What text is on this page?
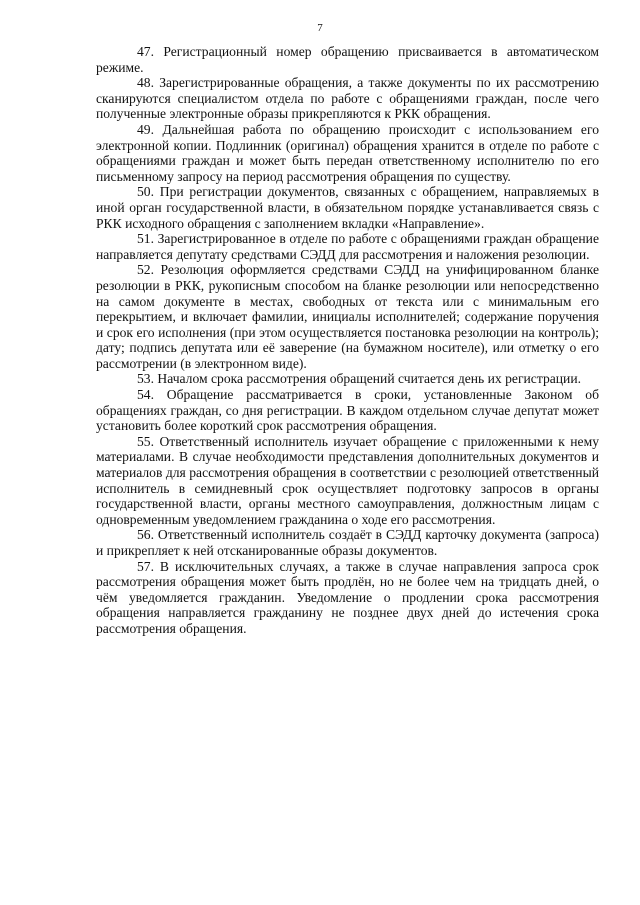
7

47. Регистрационный номер обращению присваивается в автоматическом режиме.

48. Зарегистрированные обращения, а также документы по их рассмотрению сканируются специалистом отдела по работе с обращениями граждан, после чего полученные электронные образы прикрепляются к РКК обращения.

49. Дальнейшая работа по обращению происходит с использованием его электронной копии. Подлинник (оригинал) обращения хранится в отделе по работе с обращениями граждан и может быть передан ответственному исполнителю по его письменному запросу на период рассмотрения обращения по существу.

50. При регистрации документов, связанных с обращением, направляемых в иной орган государственной власти, в обязательном порядке устанавливается связь с РКК исходного обращения с заполнением вкладки «Направление».

51. Зарегистрированное в отделе по работе с обращениями граждан обращение направляется депутату средствами СЭДД для рассмотрения и наложения резолюции.

52. Резолюция оформляется средствами СЭДД на унифицированном бланке резолюции в РКК, рукописным способом на бланке резолюции или непосредственно на самом документе в местах, свободных от текста или с минимальным его перекрытием, и включает фамилии, инициалы исполнителей; содержание поручения и срок его исполнения (при этом осуществляется постановка резолюции на контроль); дату; подпись депутата или её заверение (на бумажном носителе), или отметку о его рассмотрении (в электронном виде).

53. Началом срока рассмотрения обращений считается день их регистрации.

54. Обращение рассматривается в сроки, установленные Законом об обращениях граждан, со дня регистрации. В каждом отдельном случае депутат может установить более короткий срок рассмотрения обращения.

55. Ответственный исполнитель изучает обращение с приложенными к нему материалами. В случае необходимости представления дополнительных документов и материалов для рассмотрения обращения в соответствии с резолюцией ответственный исполнитель в семидневный срок осуществляет подготовку запросов в органы государственной власти, органы местного самоуправления, должностным лицам с одновременным уведомлением гражданина о ходе его рассмотрения.

56. Ответственный исполнитель создаёт в СЭДД карточку документа (запроса) и прикрепляет к ней отсканированные образы документов.

57. В исключительных случаях, а также в случае направления запроса срок рассмотрения обращения может быть продлён, но не более чем на тридцать дней, о чём уведомляется гражданин. Уведомление о продлении срока рассмотрения обращения направляется гражданину не позднее двух дней до истечения срока рассмотрения обращения.
